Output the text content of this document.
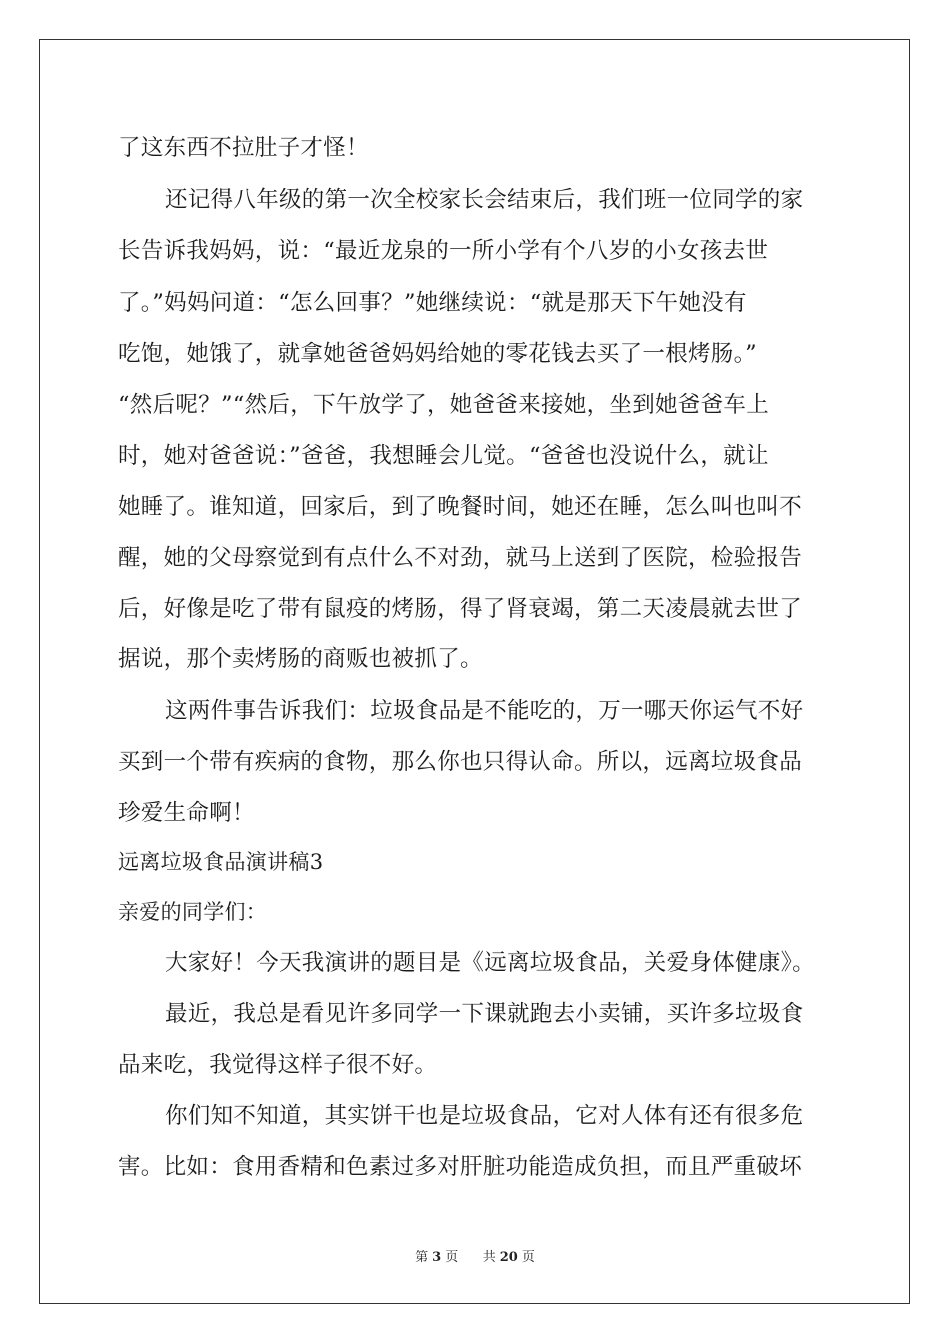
了这东西不拉肚子才怪！
还记得八年级的第一次全校家长会结束后，我们班一位同学的家
长告诉我妈妈，说：“最近龙泉的一所小学有个八岁的小女孩去世
了。”妈妈问道：“怎么回事？”她继续说：“就是那天下午她没有
吃饱，她饿了，就拿她爸爸妈妈给她的零花钱去买了一根烤肠。”
“然后呢？”“然后，下午放学了，她爸爸来接她，坐到她爸爸车上
时，她对爸爸说：”爸爸，我想睡会儿觉。“爸爸也没说什么，就让
她睡了。谁知道，回家后，到了晚餐时间，她还在睡，怎么叫也叫不
醒，她的父母察觉到有点什么不对劲，就马上送到了医院，检验报告
后，好像是吃了带有鼠疫的烤肠，得了肾衰竭，第二天凌晨就去世了
据说，那个卖烤肠的商贩也被抓了。
这两件事告诉我们：垃圾食品是不能吃的，万一哪天你运气不好
买到一个带有疾病的食物，那么你也只得认命。所以，远离垃圾食品
珍爱生命啊！
远离垃圾食品演讲稿3
亲爱的同学们：
大家好！今天我演讲的题目是《远离垃圾食品，关爱身体健康》。
最近，我总是看见许多同学一下课就跑去小卖铺，买许多垃圾食
品来吃，我觉得这样子很不好。
你们知不知道，其实饼干也是垃圾食品，它对人体有还有很多危
害。比如：食用香精和色素过多对肝脏功能造成负担，而且严重破坏
第 3 页 共 20 页
